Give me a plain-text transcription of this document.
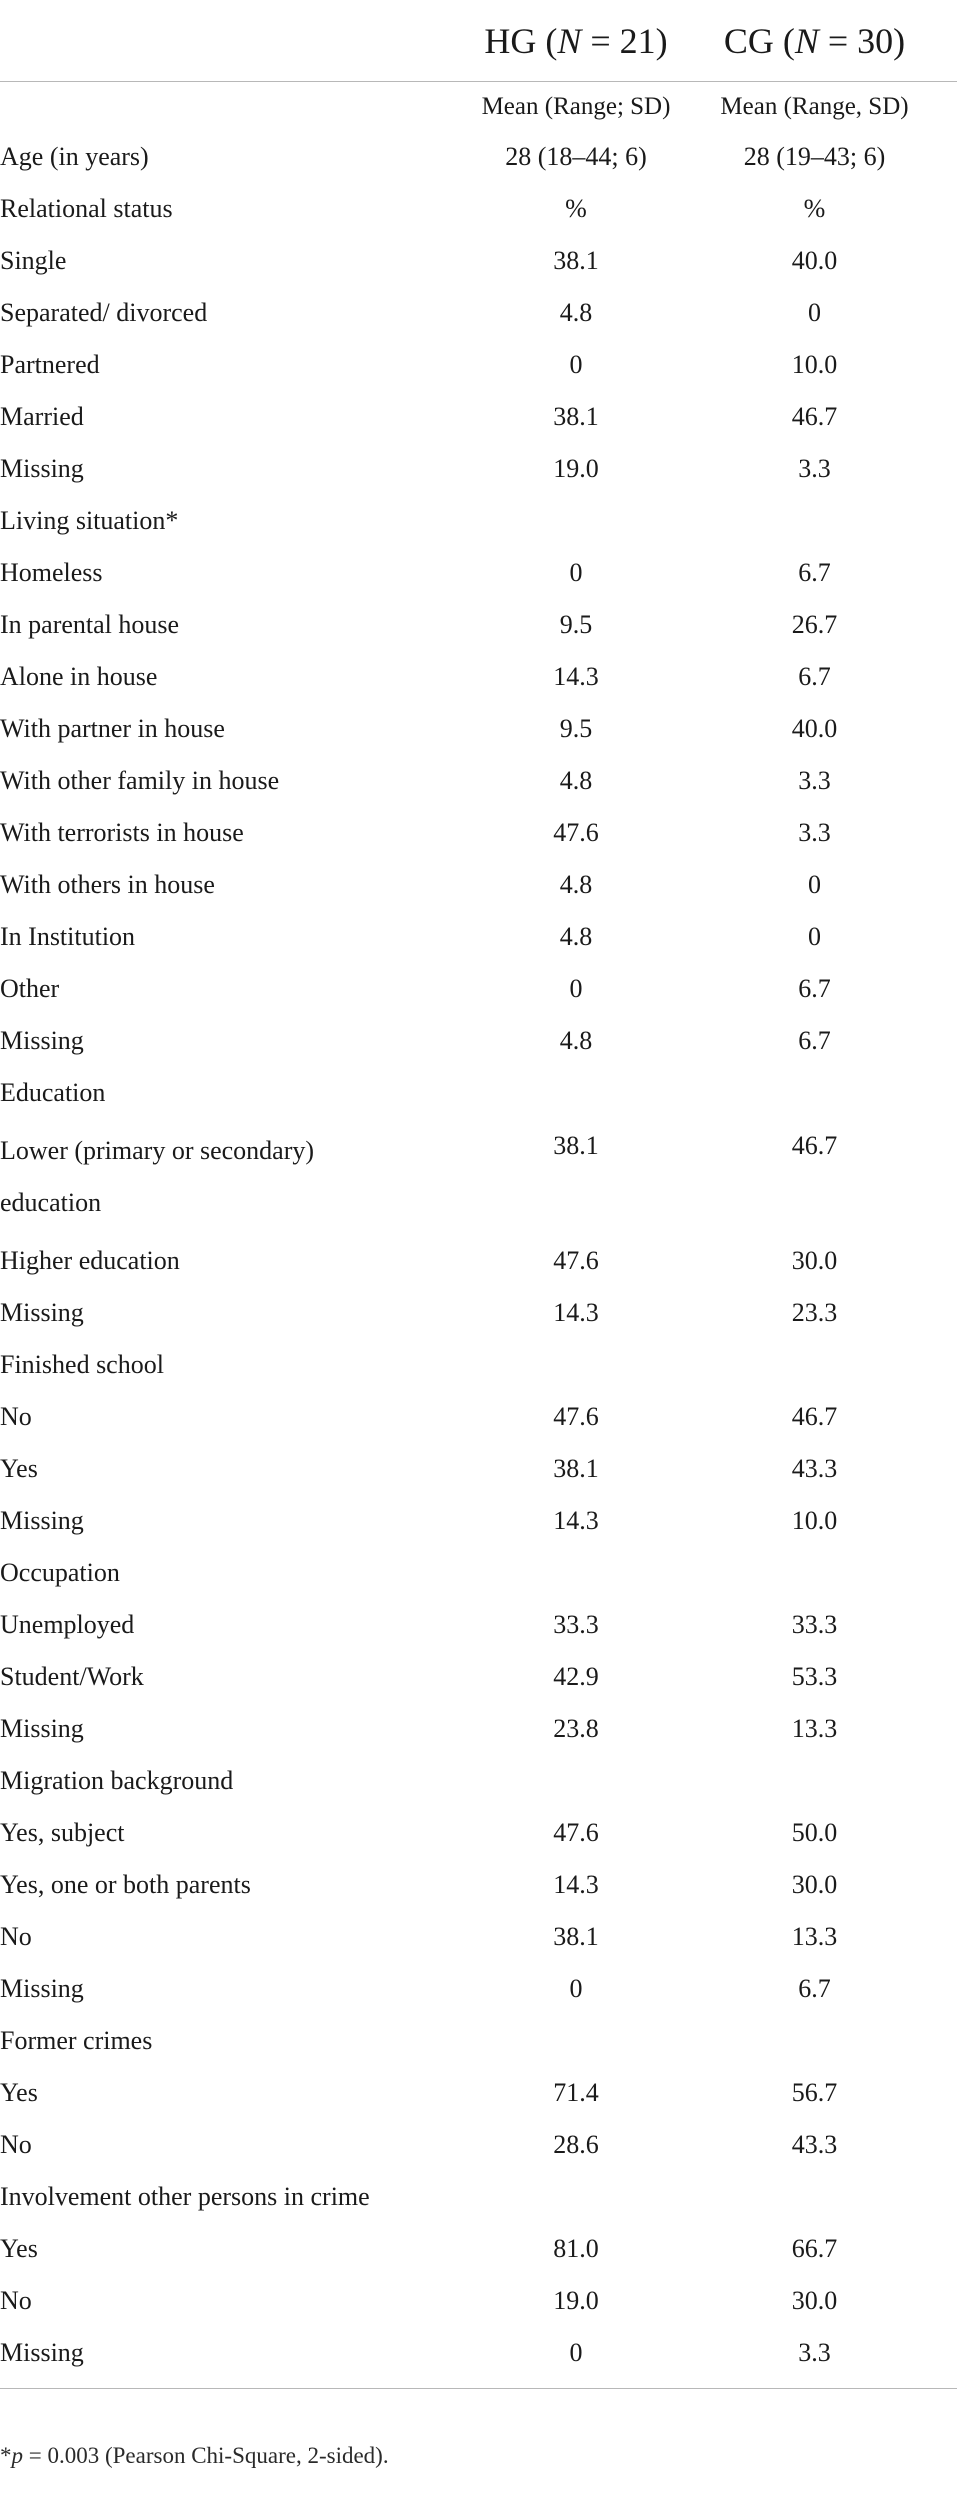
	HG (N = 21)	CG (N = 30)
	Mean (Range; SD)	Mean (Range, SD)
Age (in years)	28 (18–44; 6)	28 (19–43; 6)
Relational status	%	%
Single	38.1	40.0
Separated/ divorced	4.8	0
Partnered	0	10.0
Married	38.1	46.7
Missing	19.0	3.3
Living situation*		
Homeless	0	6.7
In parental house	9.5	26.7
Alone in house	14.3	6.7
With partner in house	9.5	40.0
With other family in house	4.8	3.3
With terrorists in house	47.6	3.3
With others in house	4.8	0
In Institution	4.8	0
Other	0	6.7
Missing	4.8	6.7
Education		
Lower (primary or secondary)
education	38.1	46.7
Higher education	47.6	30.0
Missing	14.3	23.3
Finished school		
No	47.6	46.7
Yes	38.1	43.3
Missing	14.3	10.0
Occupation		
Unemployed	33.3	33.3
Student/Work	42.9	53.3
Missing	23.8	13.3
Migration background		
Yes, subject	47.6	50.0
Yes, one or both parents	14.3	30.0
No	38.1	13.3
Missing	0	6.7
Former crimes		
Yes	71.4	56.7
No	28.6	43.3
Involvement other persons in crime		
Yes	81.0	66.7
No	19.0	30.0
Missing	0	3.3
*p = 0.003 (Pearson Chi-Square, 2-sided).
